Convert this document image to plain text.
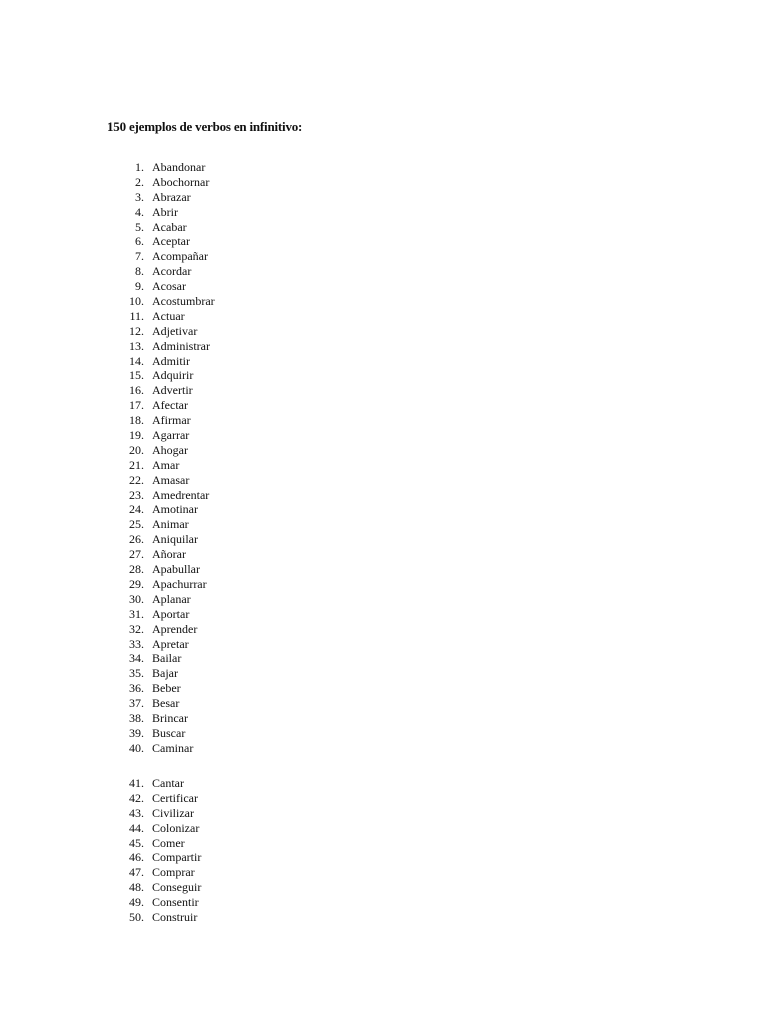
150 ejemplos de verbos en infinitivo:
1. Abandonar
2. Abochornar
3. Abrazar
4. Abrir
5. Acabar
6. Aceptar
7. Acompañar
8. Acordar
9. Acosar
10. Acostumbrar
11. Actuar
12. Adjetivar
13. Administrar
14. Admitir
15. Adquirir
16. Advertir
17. Afectar
18. Afirmar
19. Agarrar
20. Ahogar
21. Amar
22. Amasar
23. Amedrentar
24. Amotinar
25. Animar
26. Aniquilar
27. Añorar
28. Apabullar
29. Apachurrar
30. Aplanar
31. Aportar
32. Aprender
33. Apretar
34. Bailar
35. Bajar
36. Beber
37. Besar
38. Brincar
39. Buscar
40. Caminar
41. Cantar
42. Certificar
43. Civilizar
44. Colonizar
45. Comer
46. Compartir
47. Comprar
48. Conseguir
49. Consentir
50. Construir
